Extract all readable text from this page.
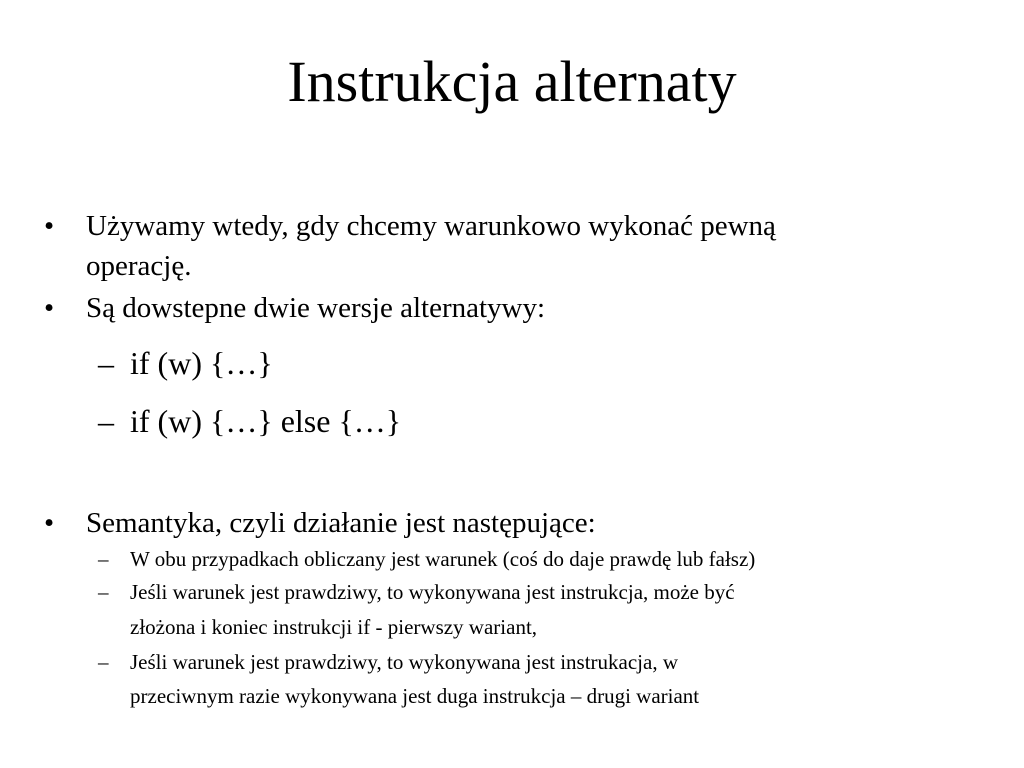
Instrukcja alternaty
• Używamy wtedy, gdy chcemy warunkowo wykonać pewną
operację.
• Są dowstepne dwie wersje alternatywy:
– if (w) {…}
– if (w) {…} else {…}
• Semantyka, czyli działanie jest następujące:
– W obu przypadkach obliczany jest warunek (coś do daje prawdę lub fałsz)
– Jeśli warunek jest prawdziwy, to wykonywana jest instrukcja, może być
złożona i koniec instrukcji if - pierwszy wariant,
– Jeśli warunek jest prawdziwy, to wykonywana jest instrukacja, w
przeciwnym razie wykonywana jest duga instrukcja – drugi wariant
